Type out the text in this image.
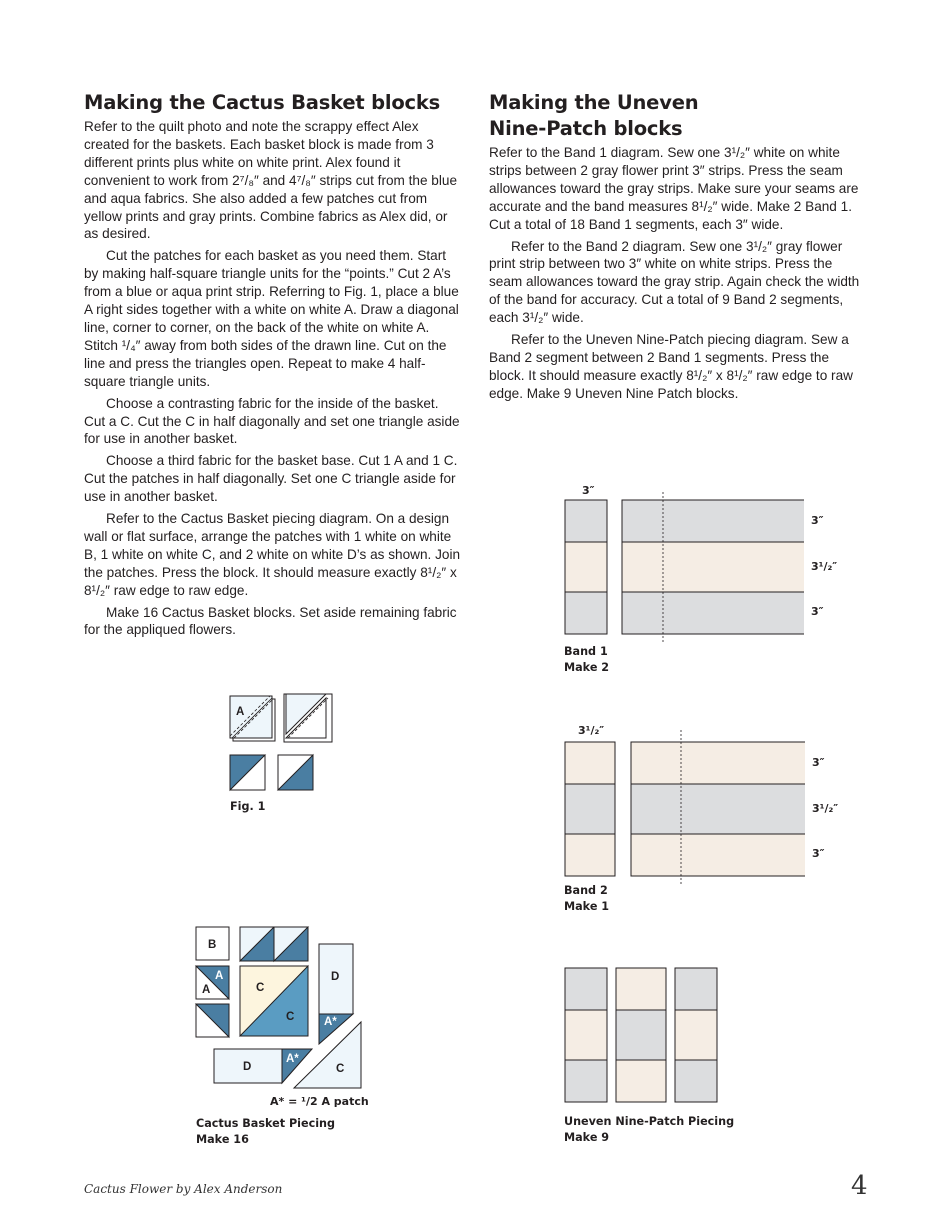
Making the Cactus Basket blocks

Refer to the quilt photo and note the scrappy effect Alex created for the baskets. Each basket block is made from 3 different prints plus white on white print. Alex found it convenient to work from 2⁷/₈″ and 4⁷/₈″ strips cut from the blue and aqua fabrics. She also added a few patches cut from yellow prints and gray prints. Combine fabrics as Alex did, or as desired.

Cut the patches for each basket as you need them. Start by making half-square triangle units for the “points.” Cut 2 A’s from a blue or aqua print strip. Referring to Fig. 1, place a blue A right sides together with a white on white A. Draw a diagonal line, corner to corner, on the back of the white on white A. Stitch ¹/₄″ away from both sides of the drawn line. Cut on the line and press the triangles open. Repeat to make 4 half-square triangle units.

Choose a contrasting fabric for the inside of the basket. Cut a C. Cut the C in half diagonally and set one triangle aside for use in another basket.

Choose a third fabric for the basket base. Cut 1 A and 1 C. Cut the patches in half diagonally. Set one C triangle aside for use in another basket.

Refer to the Cactus Basket piecing diagram. On a design wall or flat surface, arrange the patches with 1 white on white B, 1 white on white C, and 2 white on white D’s as shown. Join the patches. Press the block. It should measure exactly 8¹/₂″ x 8¹/₂″ raw edge to raw edge.

Make 16 Cactus Basket blocks. Set aside remaining fabric for the appliqued flowers.

Making the Uneven
Nine-Patch blocks

Refer to the Band 1 diagram. Sew one 3¹/₂″ white on white strips between 2 gray flower print 3″ strips. Press the seam allowances toward the gray strips. Make sure your seams are accurate and the band measures 8¹/₂″ wide. Make 2 Band 1. Cut a total of 18 Band 1 segments, each 3″ wide.

Refer to the Band 2 diagram. Sew one 3¹/₂″ gray flower print strip between two 3″ white on white strips. Press the seam allowances toward the gray strip. Again check the width of the band for accuracy. Cut a total of 9 Band 2 segments, each 3¹/₂″ wide.

Refer to the Uneven Nine-Patch piecing diagram. Sew a Band 2 segment between 2 Band 1 segments. Press the block. It should measure exactly 8¹/₂″ x 8¹/₂″ raw edge to raw edge. Make 9 Uneven Nine Patch blocks.

A
Fig. 1
B
A
A	C
C
D
A*
D
A*
C
A* = ¹/2 A patch
Cactus Basket Piecing
Make 16
3″
3″
3¹/₂″
3″
Band 1
Make 2
3¹/₂″
3″
3¹/₂″
3″
Band 2
Make 1
Uneven Nine-Patch Piecing
Make 9
Cactus Flower by Alex Anderson	4
